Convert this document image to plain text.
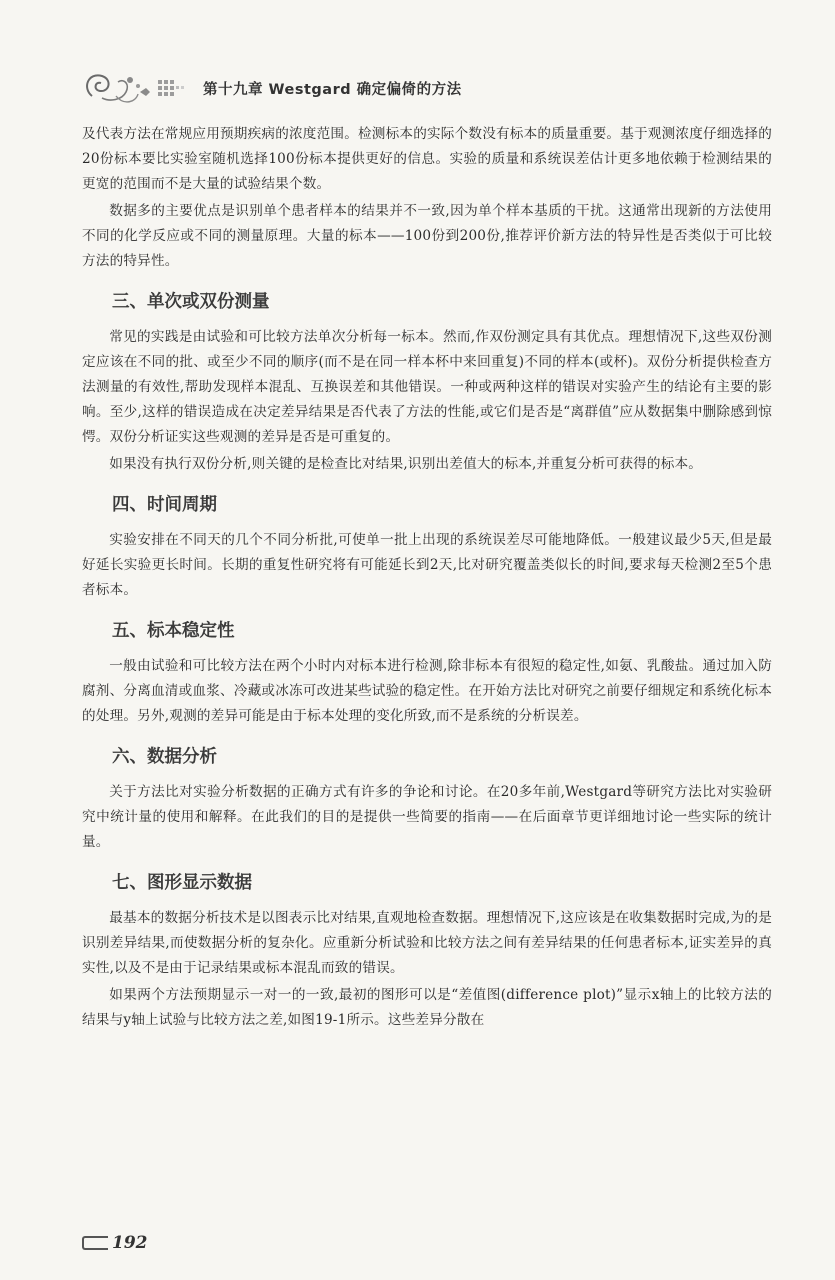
第十九章 Westgard 确定偏倚的方法

及代表方法在常规应用预期疾病的浓度范围。检测标本的实际个数没有标本的质量重要。基于观测浓度仔细选择的20份标本要比实验室随机选择100份标本提供更好的信息。实验的质量和系统误差估计更多地依赖于检测结果的更宽的范围而不是大量的试验结果个数。

数据多的主要优点是识别单个患者样本的结果并不一致,因为单个样本基质的干扰。这通常出现新的方法使用不同的化学反应或不同的测量原理。大量的标本——100份到200份,推荐评价新方法的特异性是否类似于可比较方法的特异性。

三、单次或双份测量

常见的实践是由试验和可比较方法单次分析每一标本。然而,作双份测定具有其优点。理想情况下,这些双份测定应该在不同的批、或至少不同的顺序(而不是在同一样本杯中来回重复)不同的样本(或杯)。双份分析提供检查方法测量的有效性,帮助发现样本混乱、互换误差和其他错误。一种或两种这样的错误对实验产生的结论有主要的影响。至少,这样的错误造成在决定差异结果是否代表了方法的性能,或它们是否是“离群值”应从数据集中删除感到惊愕。双份分析证实这些观测的差异是否是可重复的。

如果没有执行双份分析,则关键的是检查比对结果,识别出差值大的标本,并重复分析可获得的标本。

四、时间周期

实验安排在不同天的几个不同分析批,可使单一批上出现的系统误差尽可能地降低。一般建议最少5天,但是最好延长实验更长时间。长期的重复性研究将有可能延长到2天,比对研究覆盖类似长的时间,要求每天检测2至5个患者标本。

五、标本稳定性

一般由试验和可比较方法在两个小时内对标本进行检测,除非标本有很短的稳定性,如氨、乳酸盐。通过加入防腐剂、分离血清或血浆、冷藏或冰冻可改进某些试验的稳定性。在开始方法比对研究之前要仔细规定和系统化标本的处理。另外,观测的差异可能是由于标本处理的变化所致,而不是系统的分析误差。

六、数据分析

关于方法比对实验分析数据的正确方式有许多的争论和讨论。在20多年前,Westgard等研究方法比对实验研究中统计量的使用和解释。在此我们的目的是提供一些简要的指南——在后面章节更详细地讨论一些实际的统计量。

七、图形显示数据

最基本的数据分析技术是以图表示比对结果,直观地检查数据。理想情况下,这应该是在收集数据时完成,为的是识别差异结果,而使数据分析的复杂化。应重新分析试验和比较方法之间有差异结果的任何患者标本,证实差异的真实性,以及不是由于记录结果或标本混乱而致的错误。

如果两个方法预期显示一对一的一致,最初的图形可以是“差值图(difference plot)”显示x轴上的比较方法的结果与y轴上试验与比较方法之差,如图19-1所示。这些差异分散在

192
